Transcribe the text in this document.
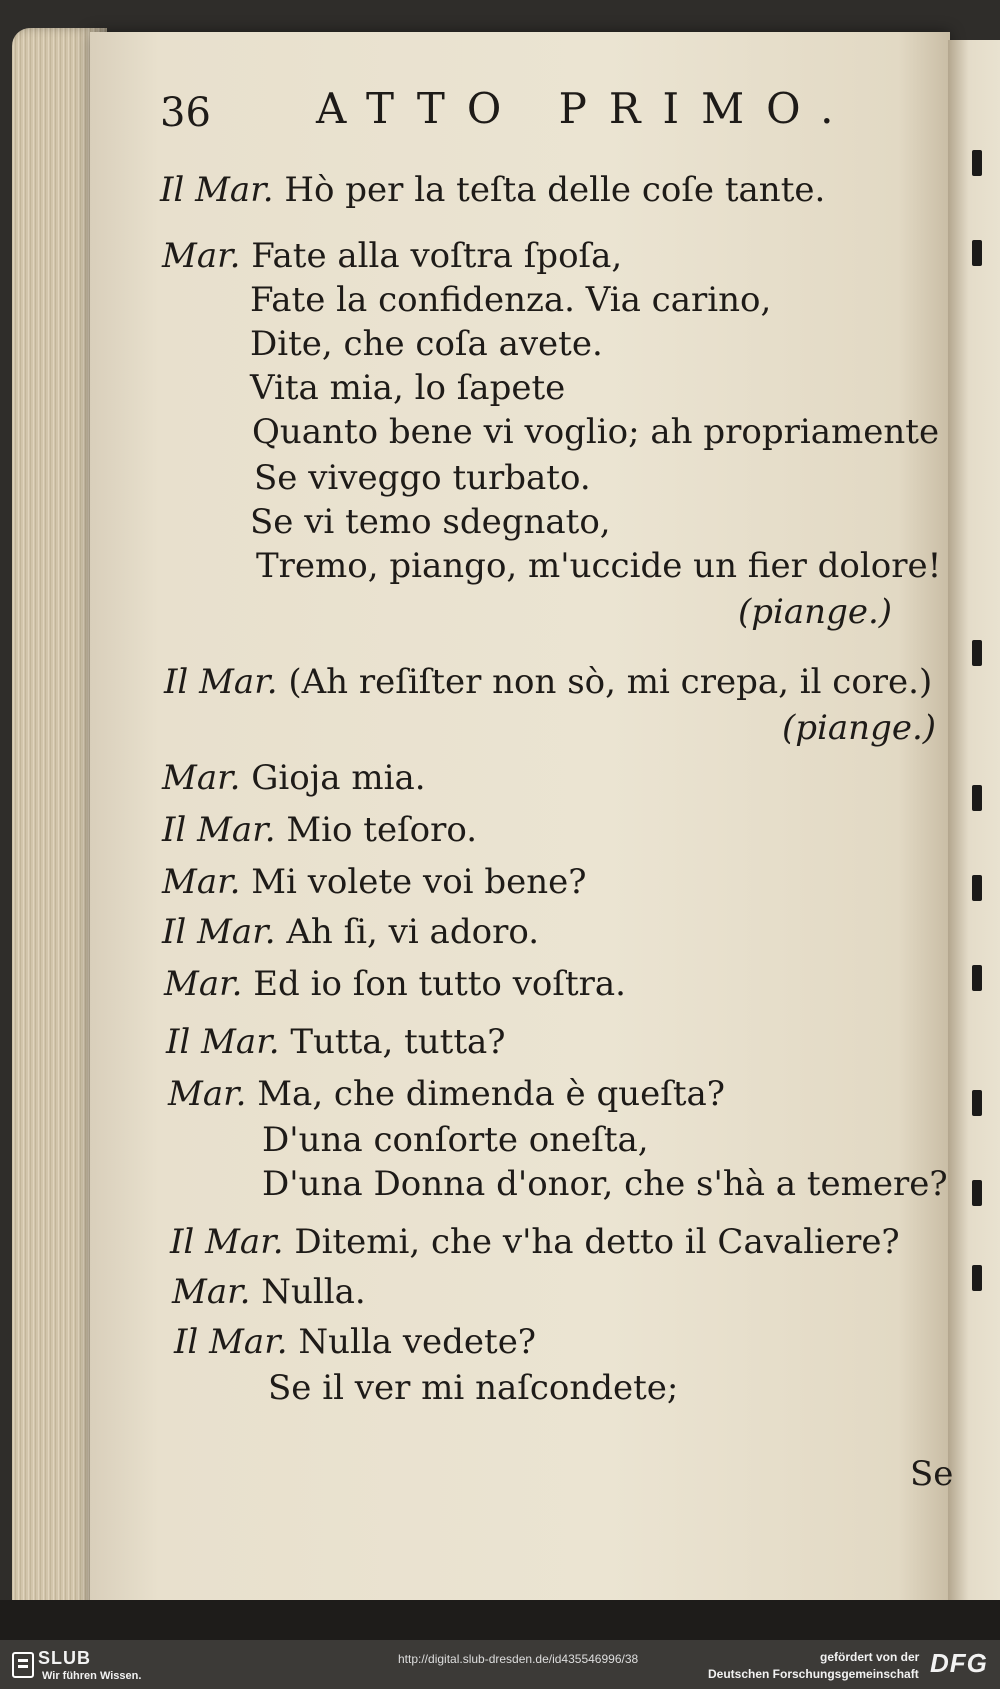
36	ATTO PRIMO.
Il Mar. Hò per la teſta delle coſe tante.
Mar. Fate alla voſtra ſpoſa,
Fate la confidenza. Via carino,
Dite, che coſa avete.
Vita mia, lo ſapete
Quanto bene vi voglio; ah propriamente
Se viveggo turbato.
Se vi temo sdegnato,
Tremo, piango, m'uccide un fier dolore!
(piange.)
Il Mar. (Ah reſiſter non sò, mi crepa, il core.)
(piange.)
Mar. Gioja mia.
Il Mar. Mio teſoro.
Mar. Mi volete voi bene?
Il Mar. Ah ſi, vi adoro.
Mar. Ed io ſon tutto voſtra.
Il Mar. Tutta, tutta?
Mar. Ma, che dimenda è queſta?
D'una conſorte oneſta,
D'una Donna d'onor, che s'hà a temere?
Il Mar. Ditemi, che v'ha detto il Cavaliere?
Mar. Nulla.
Il Mar. Nulla vedete?
Se il ver mi naſcondete;
Se
SLUB
Wir führen Wissen.
http://digital.slub-dresden.de/id435546996/38	gefördert von der
Deutschen Forschungsgemeinschaft DFG
